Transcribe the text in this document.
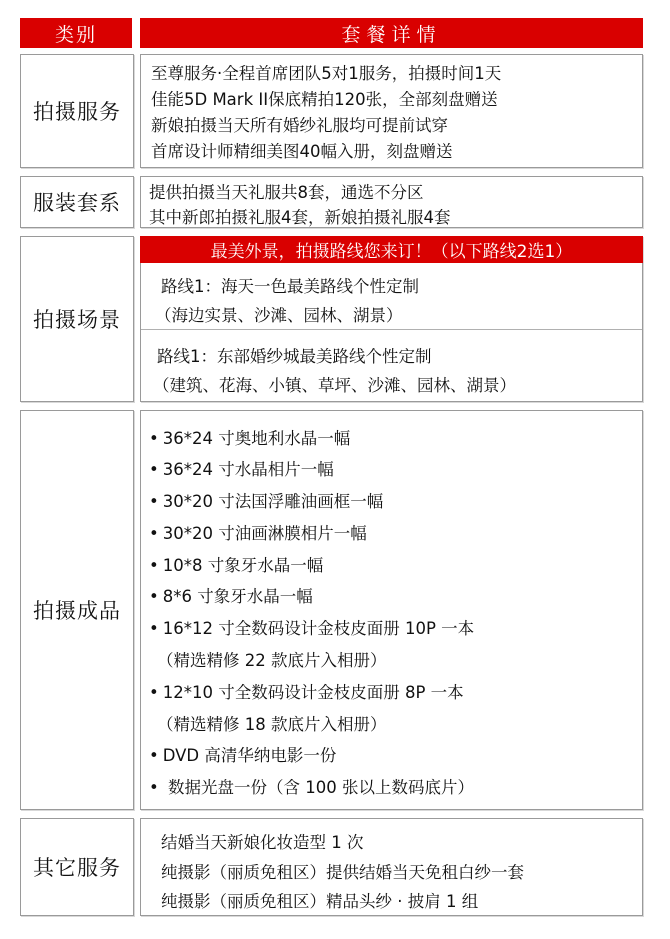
类别	套餐详情
拍摄服务
至尊服务·全程首席团队5对1服务，拍摄时间1天
佳能5D Mark II保底精拍120张，全部刻盘赠送
新娘拍摄当天所有婚纱礼服均可提前试穿
首席设计师精细美图40幅入册，刻盘赠送
服装套系	提供拍摄当天礼服共8套，通选不分区
其中新郎拍摄礼服4套，新娘拍摄礼服4套
拍摄场景
最美外景，拍摄路线您来订！（以下路线2选1）
路线1：海天一色最美路线个性定制
（海边实景、沙滩、园林、湖景）
路线1：东部婚纱城最美路线个性定制
（建筑、花海、小镇、草坪、沙滩、园林、湖景）
拍摄成品
• 36*24 寸奥地利水晶一幅
• 36*24 寸水晶相片一幅
• 30*20 寸法国浮雕油画框一幅
• 30*20 寸油画淋膜相片一幅
• 10*8 寸象牙水晶一幅
• 8*6 寸象牙水晶一幅
• 16*12 寸全数码设计金枝皮面册 10P 一本
（精选精修 22 款底片入相册）
• 12*10 寸全数码设计金枝皮面册 8P 一本
（精选精修 18 款底片入相册）
• DVD 高清华纳电影一份
• 数据光盘一份（含 100 张以上数码底片）
其它服务
结婚当天新娘化妆造型 1 次
纯摄影（丽质免租区）提供结婚当天免租白纱一套
纯摄影（丽质免租区）精品头纱 · 披肩 1 组
